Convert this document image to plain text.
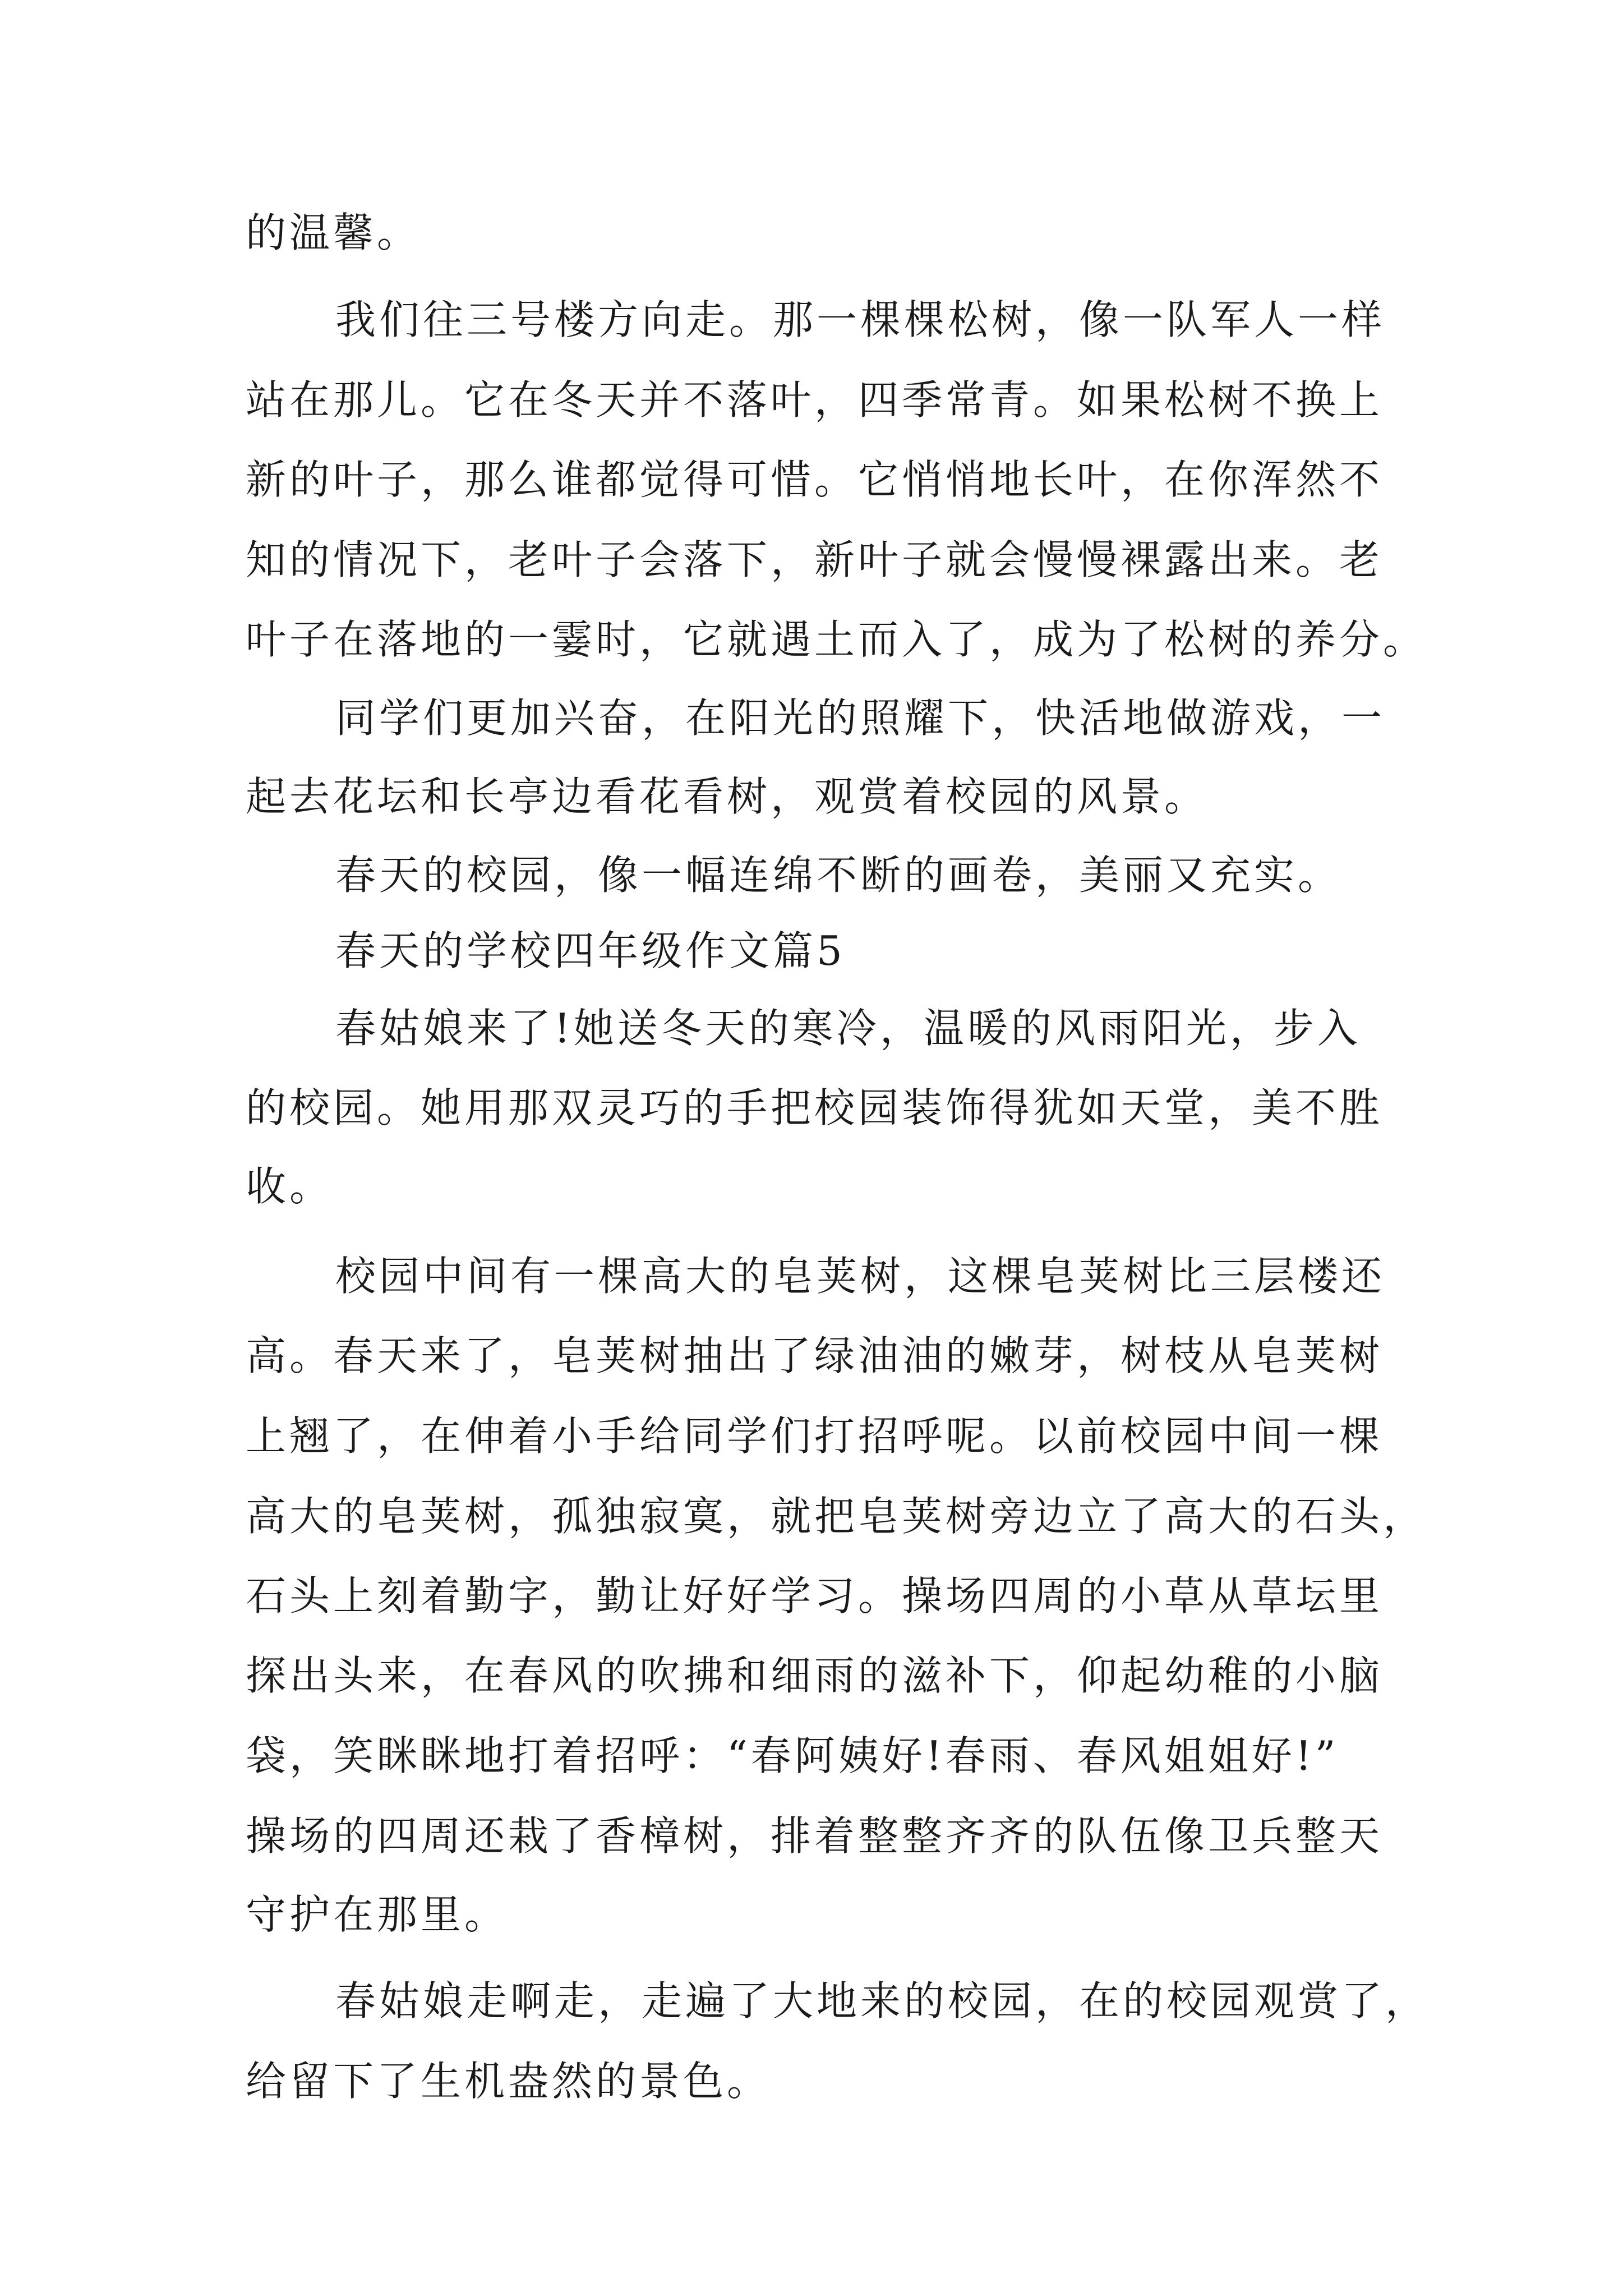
的温馨。
我们往三号楼方向走。那一棵棵松树，像一队军人一样
站在那儿。它在冬天并不落叶，四季常青。如果松树不换上
新的叶子，那么谁都觉得可惜。它悄悄地长叶，在你浑然不
知的情况下，老叶子会落下，新叶子就会慢慢裸露出来。老
叶子在落地的一霎时，它就遇土而入了，成为了松树的养分。
同学们更加兴奋，在阳光的照耀下，快活地做游戏，一
起去花坛和长亭边看花看树，观赏着校园的风景。
春天的校园，像一幅连绵不断的画卷，美丽又充实。
春天的学校四年级作文篇5
春姑娘来了!她送冬天的寒冷，温暖的风雨阳光，步入
的校园。她用那双灵巧的手把校园装饰得犹如天堂，美不胜
收。
校园中间有一棵高大的皂荚树，这棵皂荚树比三层楼还
高。春天来了，皂荚树抽出了绿油油的嫩芽，树枝从皂荚树
上翘了，在伸着小手给同学们打招呼呢。以前校园中间一棵
高大的皂荚树，孤独寂寞，就把皂荚树旁边立了高大的石头，
石头上刻着勤字，勤让好好学习。操场四周的小草从草坛里
探出头来，在春风的吹拂和细雨的滋补下，仰起幼稚的小脑
袋，笑眯眯地打着招呼：“春阿姨好!春雨、春风姐姐好!”
操场的四周还栽了香樟树，排着整整齐齐的队伍像卫兵整天
守护在那里。
春姑娘走啊走，走遍了大地来的校园，在的校园观赏了，
给留下了生机盎然的景色。
